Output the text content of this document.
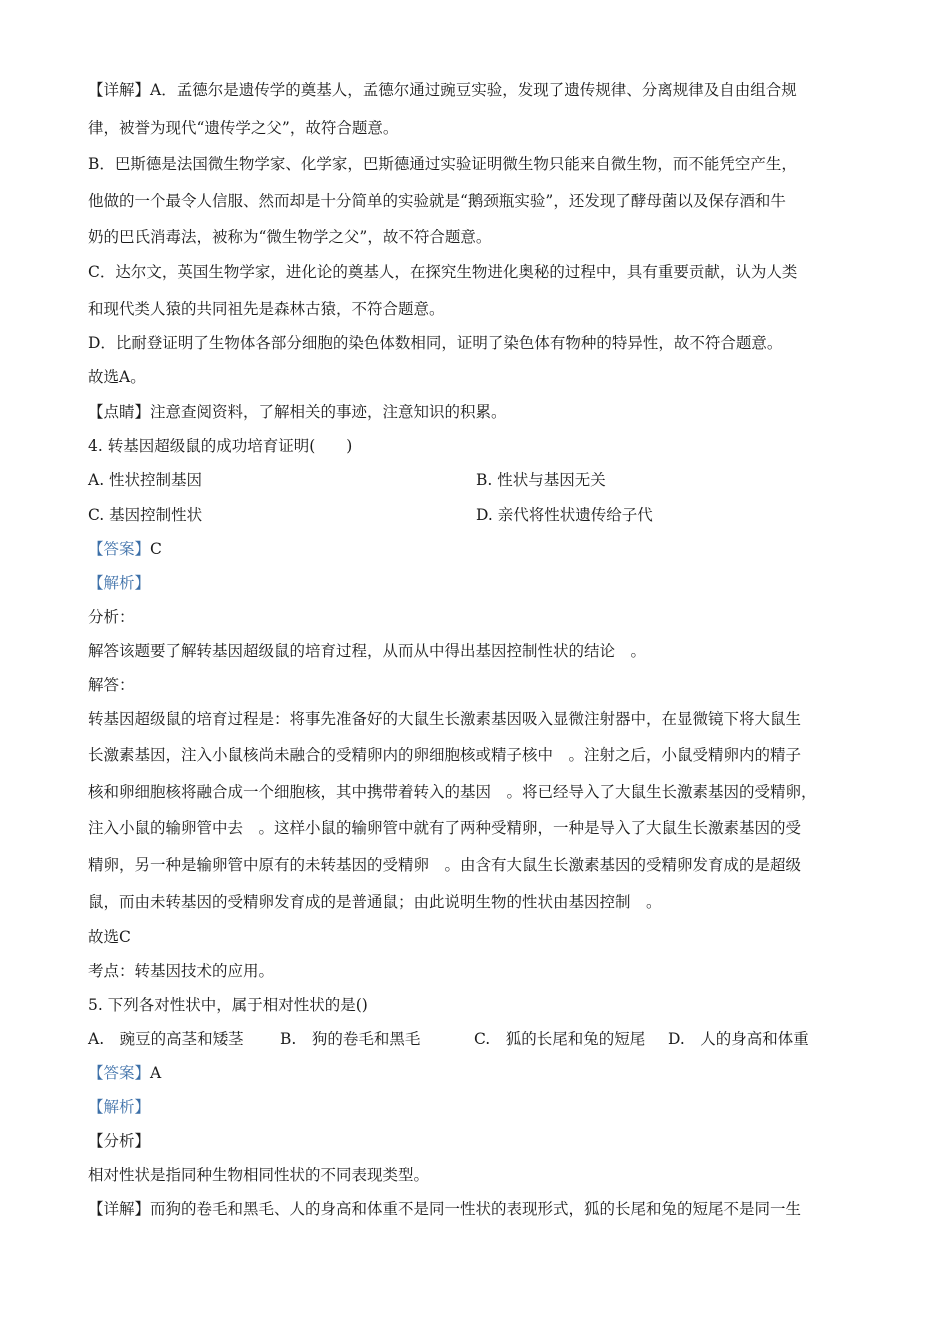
【详解】A．孟德尔是遗传学的奠基人，孟德尔通过豌豆实验，发现了遗传规律、分离规律及自由组合规
律，被誉为现代“遗传学之父”，故符合题意。
B．巴斯德是法国微生物学家、化学家，巴斯德通过实验证明微生物只能来自微生物，而不能凭空产生，
他做的一个最令人信服、然而却是十分简单的实验就是“鹅颈瓶实验”，还发现了酵母菌以及保存酒和牛
奶的巴氏消毒法，被称为“微生物学之父”，故不符合题意。
C．达尔文，英国生物学家，进化论的奠基人，在探究生物进化奥秘的过程中，具有重要贡献，认为人类
和现代类人猿的共同祖先是森林古猿，不符合题意。
D．比耐登证明了生物体各部分细胞的染色体数相同，证明了染色体有物种的特异性，故不符合题意。
故选A。
【点睛】注意查阅资料，了解相关的事迹，注意知识的积累。
4. 转基因超级鼠的成功培育证明(　　)
A. 性状控制基因	B. 性状与基因无关
C. 基因控制性状	D. 亲代将性状遗传给子代
【答案】C
【解析】
分析：
解答该题要了解转基因超级鼠的培育过程，从而从中得出基因控制性状的结论　。
解答：
转基因超级鼠的培育过程是：将事先准备好的大鼠生长激素基因吸入显微注射器中，在显微镜下将大鼠生
长激素基因，注入小鼠核尚未融合的受精卵内的卵细胞核或精子核中　。注射之后，小鼠受精卵内的精子
核和卵细胞核将融合成一个细胞核，其中携带着转入的基因　。将已经导入了大鼠生长激素基因的受精卵，
注入小鼠的输卵管中去　。这样小鼠的输卵管中就有了两种受精卵，一种是导入了大鼠生长激素基因的受
精卵，另一种是输卵管中原有的未转基因的受精卵　。由含有大鼠生长激素基因的受精卵发育成的是超级
鼠，而由未转基因的受精卵发育成的是普通鼠；由此说明生物的性状由基因控制　。
故选C
考点：转基因技术的应用。
5. 下列各对性状中，属于相对性状的是()
A.　豌豆的高茎和矮茎 B.　狗的卷毛和黑毛	C.　狐的长尾和兔的短尾 D.　人的身高和体重
【答案】A
【解析】
【分析】
相对性状是指同种生物相同性状的不同表现类型。
【详解】而狗的卷毛和黑毛、人的身高和体重不是同一性状的表现形式，狐的长尾和兔的短尾不是同一生
